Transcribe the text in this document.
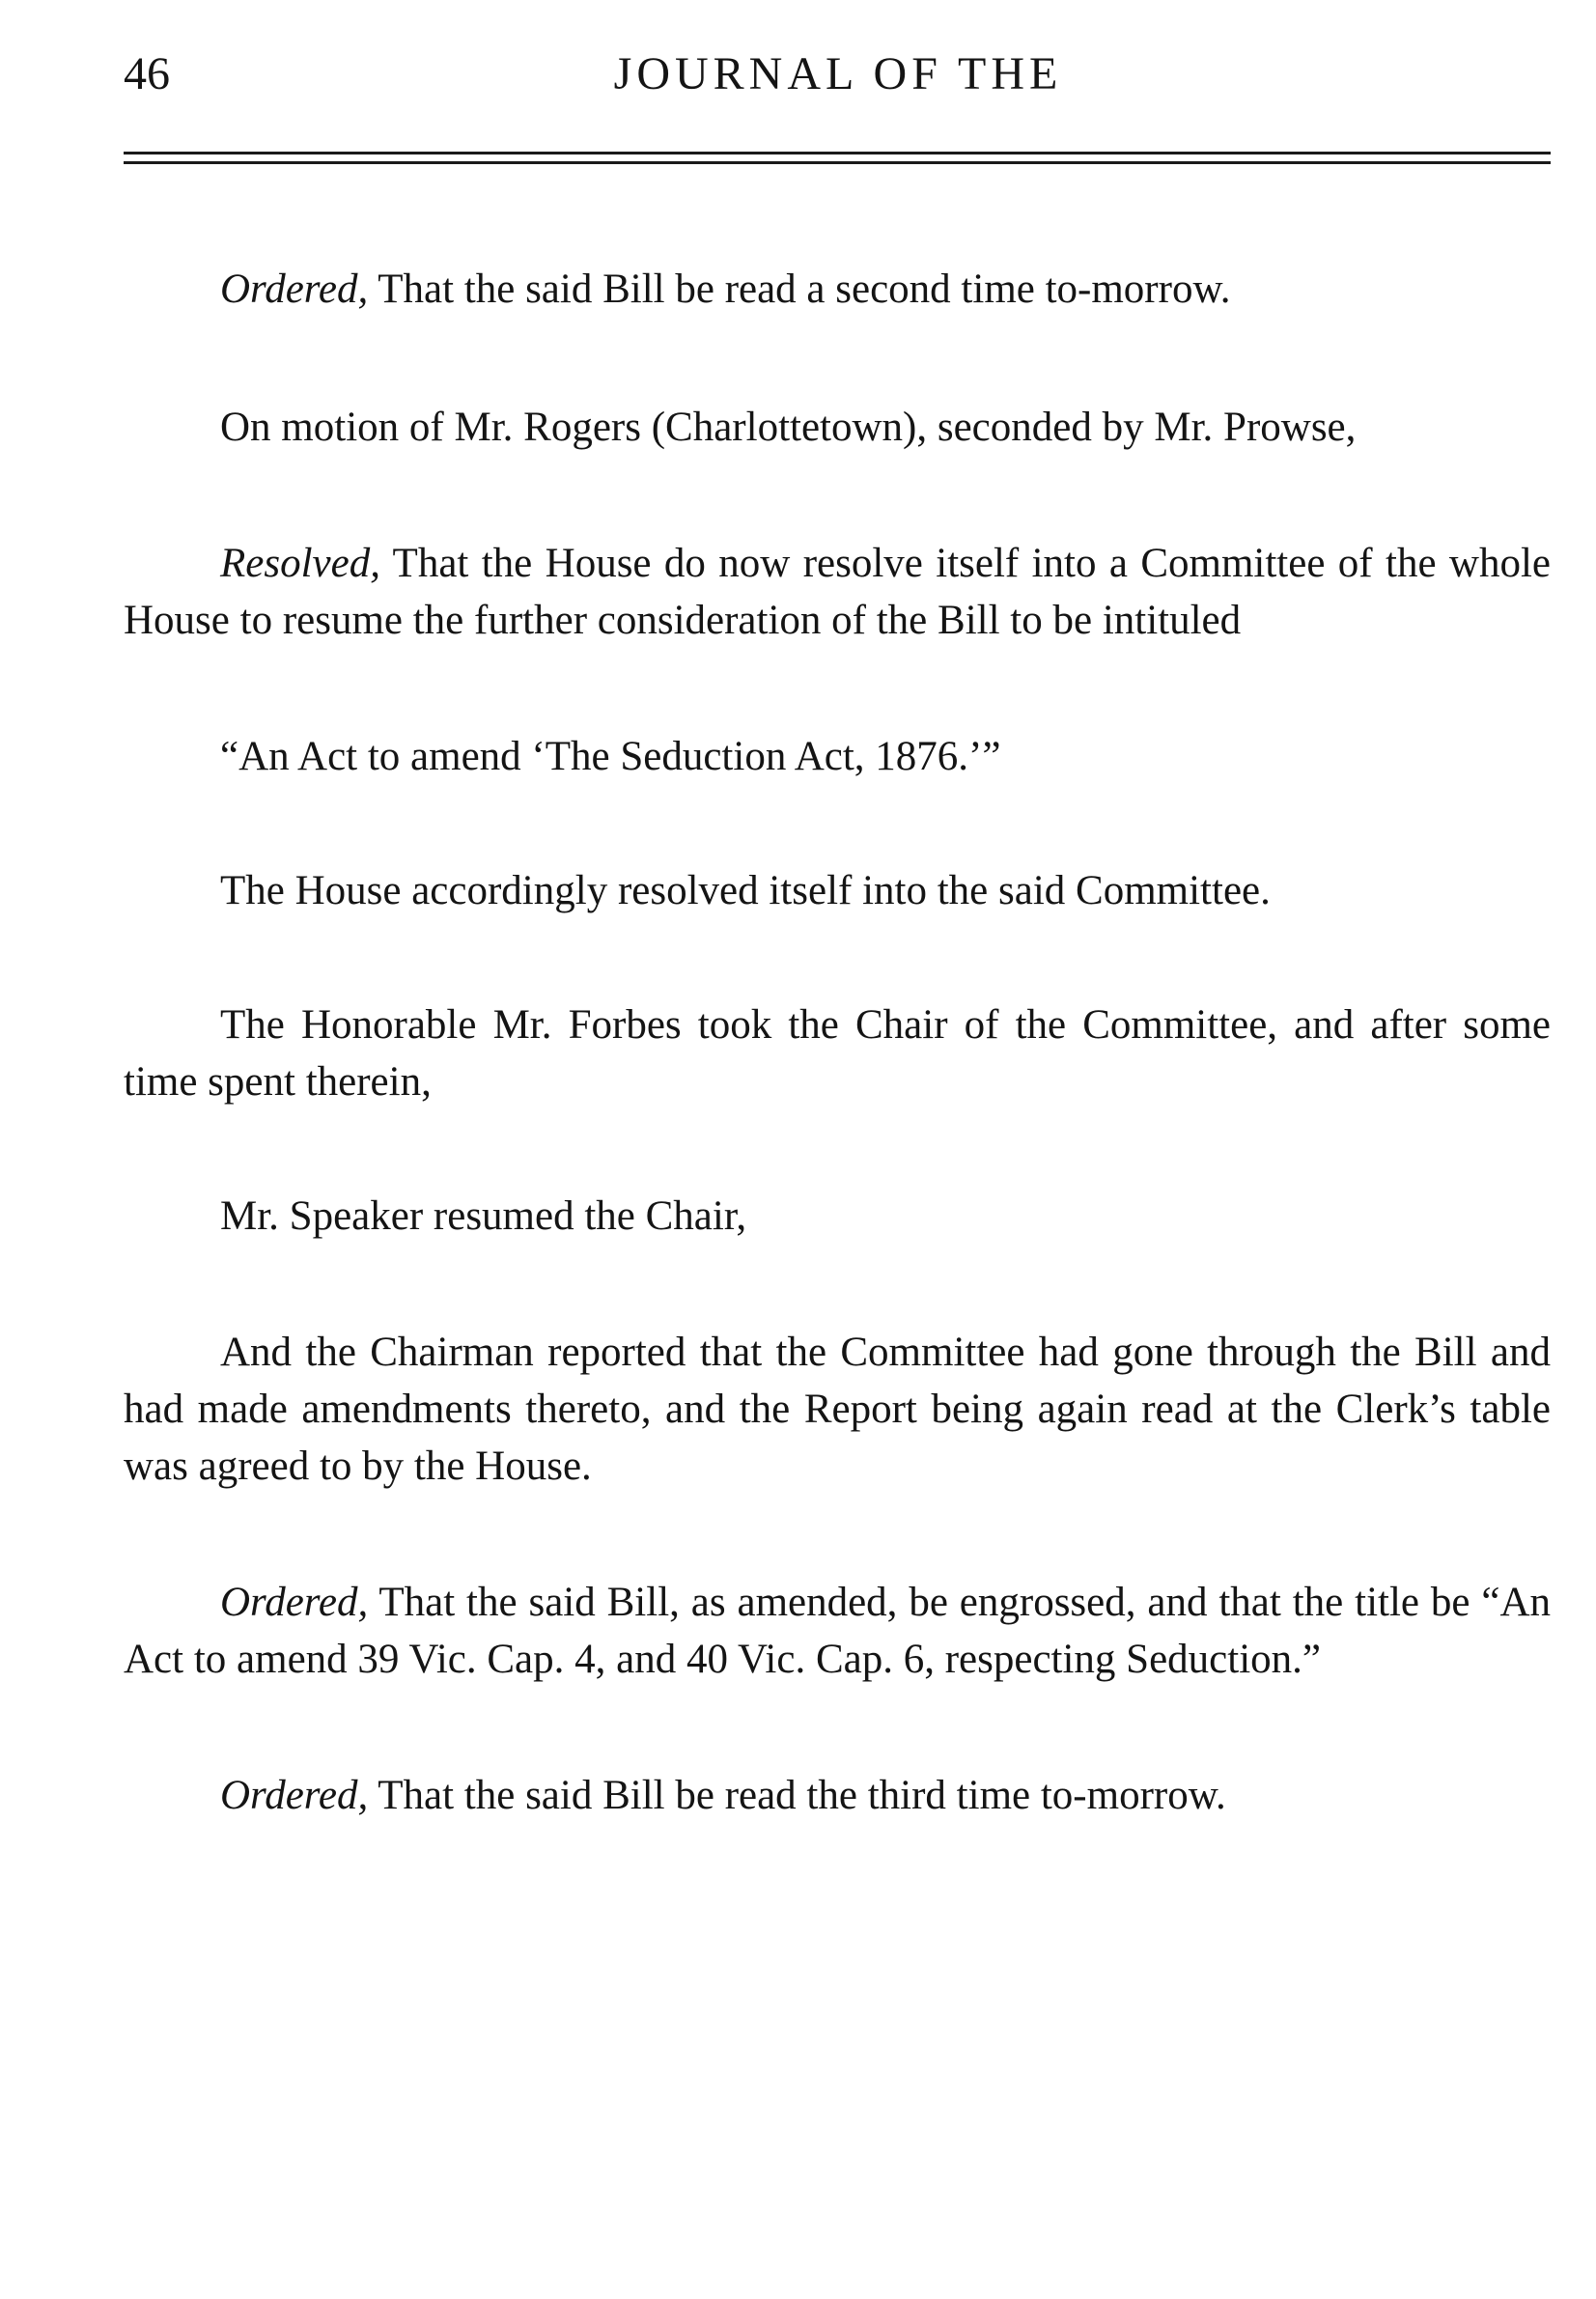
46	JOURNAL OF THE

Ordered, That the said Bill be read a second time to-morrow.

On motion of Mr. Rogers (Charlottetown), seconded by Mr. Prowse,

Resolved, That the House do now resolve itself into a Committee of the whole House to resume the further consideration of the Bill to be intituled

“An Act to amend ‘The Seduction Act, 1876.’”

The House accordingly resolved itself into the said Committee.

The Honorable Mr. Forbes took the Chair of the Committee, and after some time spent therein,

Mr. Speaker resumed the Chair,

And the Chairman reported that the Committee had gone through the Bill and had made amendments thereto, and the Report being again read at the Clerk’s table was agreed to by the House.

Ordered, That the said Bill, as amended, be engrossed, and that the title be “An Act to amend 39 Vic. Cap. 4, and 40 Vic. Cap. 6, respecting Seduction.”

Ordered, That the said Bill be read the third time to-morrow.
